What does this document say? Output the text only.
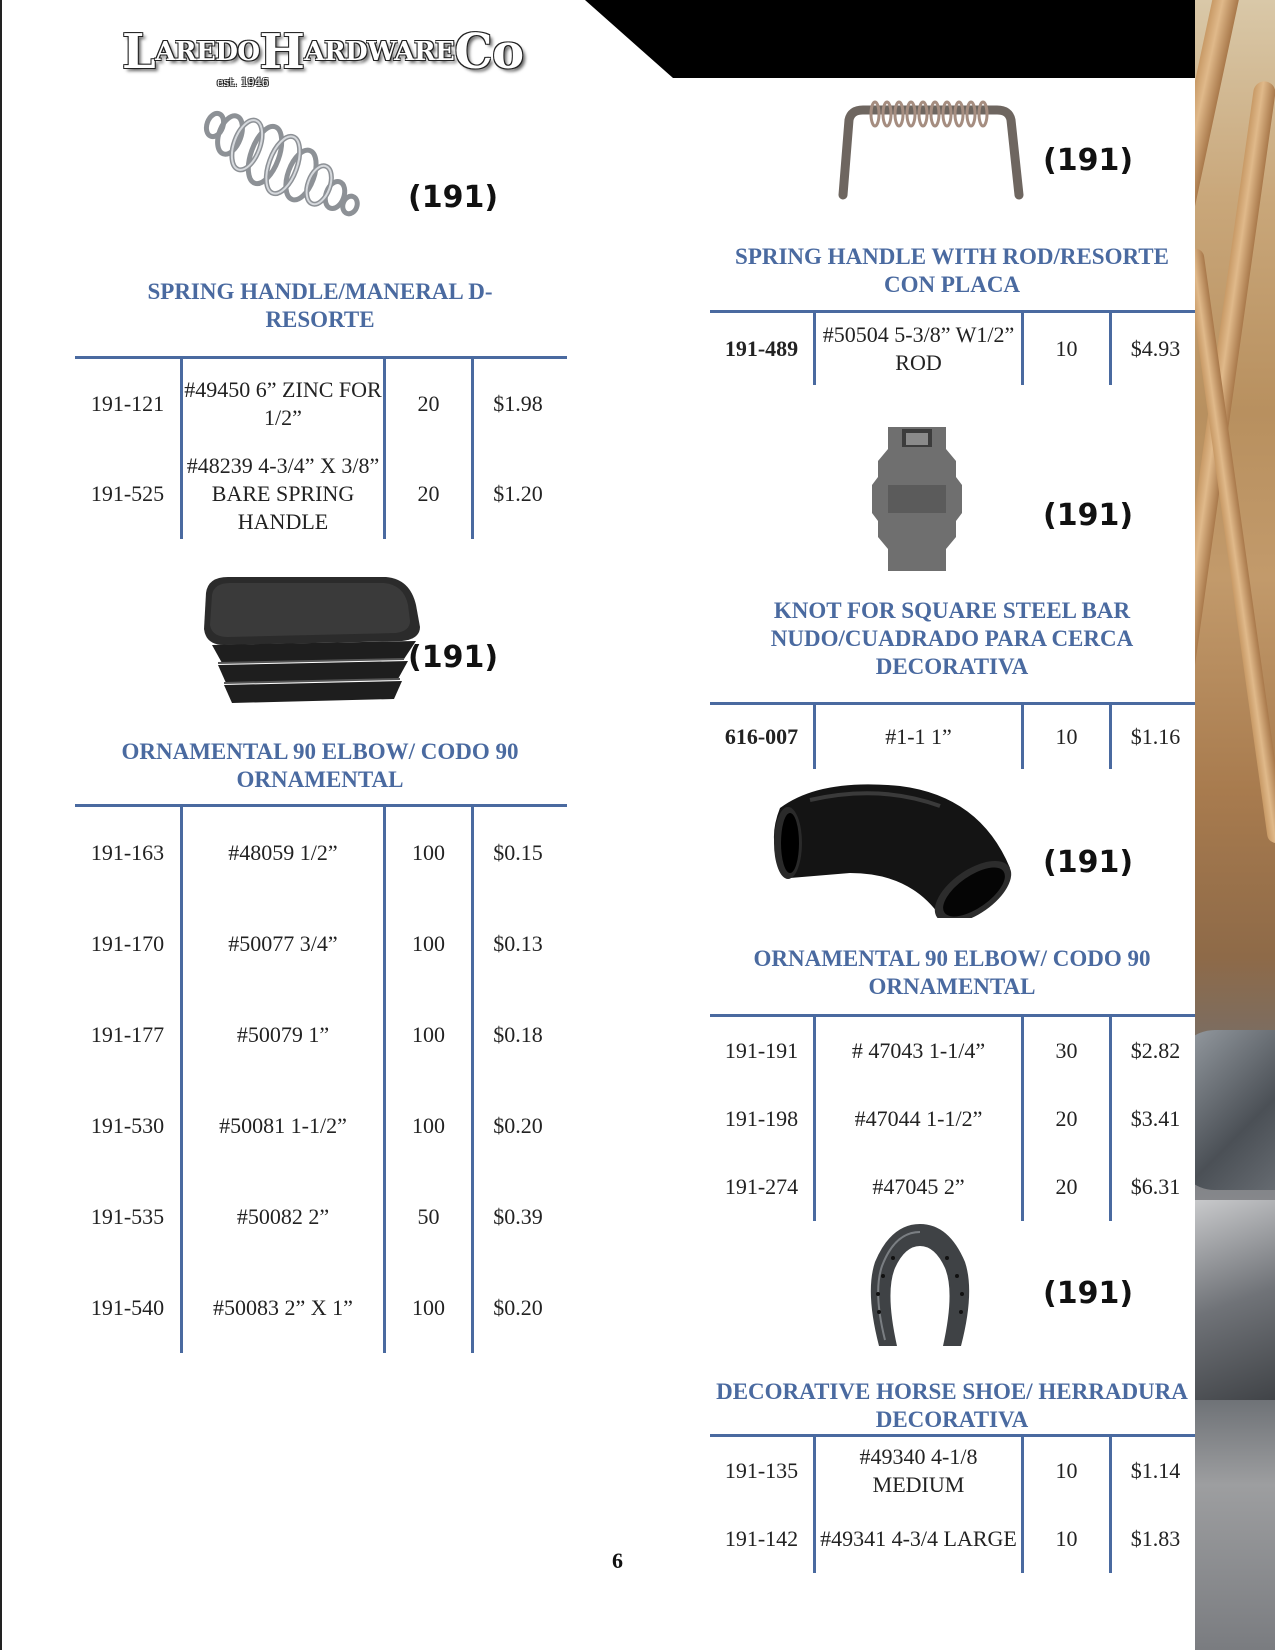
LAREDOHARDWARECo
est. 1946
(191)
SPRING HANDLE/MANERAL D-RESORTE
191-121	#49450 6” ZINC FOR 1/2”	20	$1.98
191-525	#48239 4-3/4” X 3/8” BARE SPRING HANDLE	20	$1.20
(191)
ORNAMENTAL 90 ELBOW/ CODO 90 ORNAMENTAL
191-163	#48059 1/2”	100	$0.15
191-170	#50077 3/4”	100	$0.13
191-177	#50079 1”	100	$0.18
191-530	#50081 1-1/2”	100	$0.20
191-535	#50082 2”	50	$0.39
191-540	#50083 2” X 1”	100	$0.20
(191)
SPRING HANDLE WITH ROD/RESORTE CON PLACA
191-489	#50504 5-3/8” W1/2” ROD	10	$4.93
(191)
KNOT FOR SQUARE STEEL BAR NUDO/CUADRADO PARA CERCA DECORATIVA
616-007	#1-1 1”	10	$1.16
(191)
ORNAMENTAL 90 ELBOW/ CODO 90 ORNAMENTAL
191-191	# 47043 1-1/4”	30	$2.82
191-198	#47044 1-1/2”	20	$3.41
191-274	#47045 2”	20	$6.31
(191)
DECORATIVE HORSE SHOE/ HERRADURA DECORATIVA
191-135	#49340 4-1/8 MEDIUM	10	$1.14
191-142	#49341 4-3/4 LARGE	10	$1.83
6
